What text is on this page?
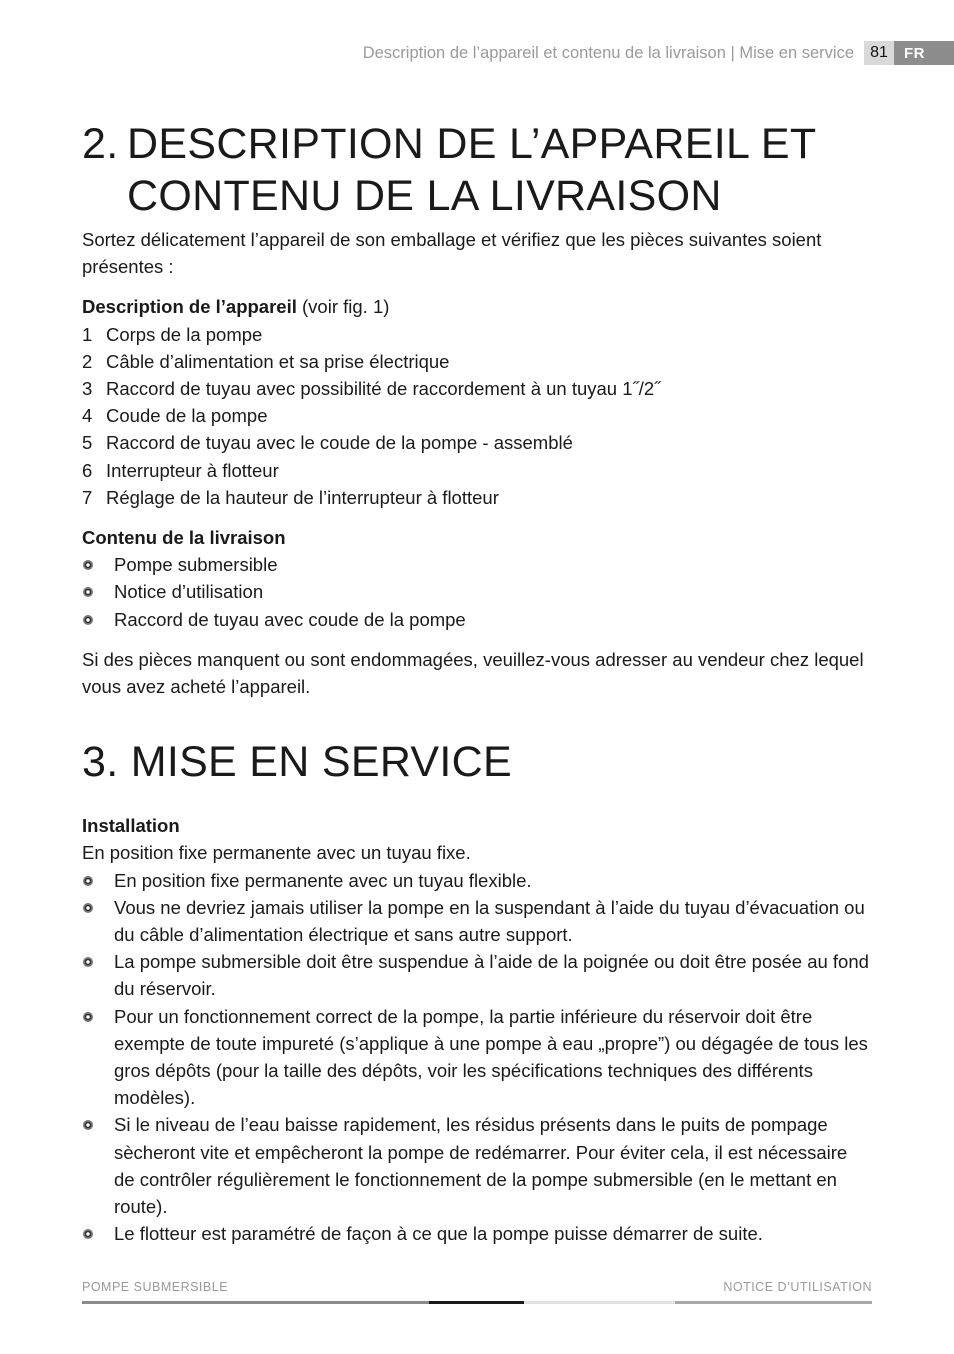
Description de l’appareil et contenu de la livraison | Mise en service	81	FR
2. DESCRIPTION DE L’APPAREIL ET
CONTENU DE LA LIVRAISON

Sortez délicatement l’appareil de son emballage et vérifiez que les pièces suivantes soient présentes :

Description de l’appareil (voir fig. 1)

1 Corps de la pompe
2 Câble d’alimentation et sa prise électrique
3 Raccord de tuyau avec possibilité de raccordement à un tuyau 1˝/2˝
4 Coude de la pompe
5 Raccord de tuyau avec le coude de la pompe - assemblé
6 Interrupteur à flotteur
7 Réglage de la hauteur de l’interrupteur à flotteur

Contenu de la livraison

Pompe submersible
Notice d’utilisation
Raccord de tuyau avec coude de la pompe

Si des pièces manquent ou sont endommagées, veuillez-vous adresser au vendeur chez lequel vous avez acheté l’appareil.

3. MISE EN SERVICE

Installation

En position fixe permanente avec un tuyau fixe.

En position fixe permanente avec un tuyau flexible.
Vous ne devriez jamais utiliser la pompe en la suspendant à l’aide du tuyau d’évacuation ou du câble d’alimentation électrique et sans autre support.
La pompe submersible doit être suspendue à l’aide de la poignée ou doit être posée au fond du réservoir.
Pour un fonctionnement correct de la pompe, la partie inférieure du réservoir doit être exempte de toute impureté (s’applique à une pompe à eau „propre”) ou dégagée de tous les gros dépôts (pour la taille des dépôts, voir les spécifications techniques des différents modèles).
Si le niveau de l’eau baisse rapidement, les résidus présents dans le puits de pompage sècheront vite et empêcheront la pompe de redémarrer. Pour éviter cela, il est nécessaire de contrôler régulièrement le fonctionnement de la pompe submersible (en le mettant en route).
Le flotteur est paramétré de façon à ce que la pompe puisse démarrer de suite.
POMPE SUBMERSIBLE	NOTICE D’UTILISATION
